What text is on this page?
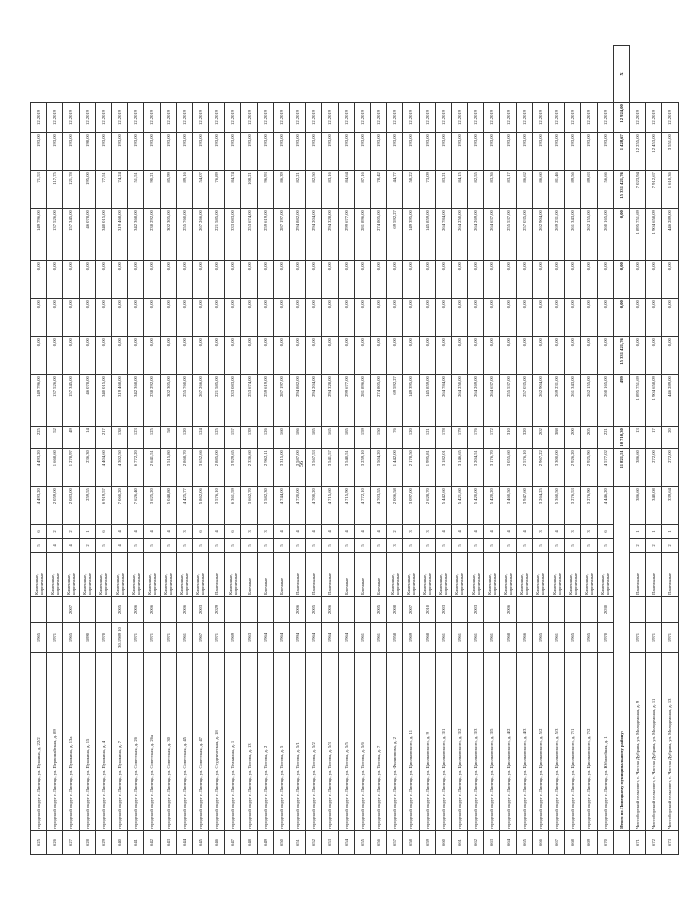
625	городской округ г. Липецк, ул. Пушина, д. 22/2	1965		Каменные, кирпичные	5	6	4 493,20	4 493,20	225	149 796,00	0,00	0,00	0,00	149 796,00	71,53	193,00	12.2019	
626	городской округ г. Липецк, ул. Первомайская, д. 89	1971		Каменные, кирпичные	4	2	2 059,00	1 668,60	52	137 526,00	0,00	0,00	0,00	137 526,00	117,75	193,00	12.2019	
627	городской округ г. Липецк, ул. Пушкина, д. 13а	1965	2007	Каменные, кирпичные	4	2	2 083,00	1 278,97	49	157 345,00	0,00	0,00	0,00	157 345,00	121,78	193,00	12.2019	
628	городской округ г. Липецк, ул. Пушкина, д. 15	1890		Каменные, кирпичные	2	1	259,55	236,30	14	46 078,00	0,00	0,00	0,00	46 078,00	195,00	198,00	12.2019	
629	городской округ г. Липецк, ул. Пушкина, д. 4	1970		Каменные, кирпичные	5	6	6 919,57	4 404,60	217	340 015,00	0,00	0,00	0,00	340 015,00	77,51	193,00	12.2019	
640	городской округ г. Липецк, ул. Пушкина, д. 7	30.1989 10	2005	Каменные, кирпичные	4	4	7 060,20	4 302,50	138	319 468,00	0,00	0,00	0,00	319 468,00	74,24	193,00	12.2019	
641	городской округ г. Липецк, ул. Советская, д. 26	1971	2006	Каменные, кирпичные	5	4	7 626,40	6 772,20	123	342 368,00	0,00	0,00	0,00	342 368,00	51,51	193,00	12.2019	
642	городской округ г. Липецк, ул. Советская, д. 26а	1971	2006	Каменные, кирпичные	5	4	3 625,20	2 641,51	125	238 292,00	0,00	0,00	0,00	238 292,00	90,21	193,00	12.2019	
643	городской округ г. Липецк, ул. Советская, д. 30	1971		Каменные, кирпичные	5	4	5 048,80	3 515,80	58	302 305,00	0,00	0,00	0,00	302 305,00	85,99	193,00	12.2019	
644	городской округ г. Липецк, ул. Советская, д. 45	1961	2006	Каменные, кирпичные	5	3	4 425,77	2 868,70	120	255 760,00	0,00	0,00	0,00	255 760,00	89,16	193,00	12.2019	
645	городской округ г. Липецк, ул. Советская, д. 47	1967	2003	Каменные, кирпичные	5	6	5 862,06	3 652,66	124	267 266,00	0,00	0,00	0,00	267 266,00	54,07	193,00	12.2019	
646	городской округ г. Липецк, ул. Студенческая, д. 18	1971	2029	Панельные	5	4	3 576,10	2 885,00	125	221 585,00	0,00	0,00	0,00	221 585,00	76,89	193,00	12.2019	
647	городской округ г. Липецк, ул. Тельмана, д. 1	1969		Каменные, кирпичные	5	6	6 361,59	3 929,65	157	333 083,00	0,00	0,00	0,00	333 083,00	84,74	193,00	12.2019	
648	городской округ г. Липецк, ул. Титова, д. 13	1963		Блочные	5	3	3 662,70	2 336,60	139	253 674,00	0,00	0,00	0,00	253 674,00	108,21	193,00	12.2019	
649	городской округ г. Липецк, ул. Титова, д. 2	1964		Блочные	5	3	3 582,30	2 962,11	126	259 619,00	0,00	0,00	0,00	259 619,00	96,93	193,00	12.2019	
650	городской округ г. Липецк, ул. Титова, д. 5	1964		Блочные	5	4	4 744,00	3 315,00	160	287 197,00	0,00	0,00	0,00	287 197,00	86,39	193,00	12.2019	
651	городской округ г. Липецк, ул. Титова, д. 5/1	1994	2006	Панельные	5	4	4 720,00	3 587,00	186	294 882,00	0,00	0,00	0,00	294 882,00	82,21	193,00	12.2019	
652	городской округ г. Липецк, ул. Титова, д. 5/2	1964	2005	Панельные	5	4	4 700,20	3 567,53	185	294 204,00	0,00	0,00	0,00	294 204,00	82,50	193,00	12.2019	
653	городской округ г. Липецк, ул. Титова, д. 5/3	1964	2006	Панельные	5	4	4 715,60	3 541,57	165	294 328,00	0,00	0,00	0,00	294 328,00	83,16	193,00	12.2019	
654	городской округ г. Липецк, ул. Титова, д. 5/5	1964		Блочные	5	4	4 715,90	3 540,51	185	299 677,00	0,00	0,00	0,00	299 677,00	84,64	193,00	12.2019	
655	городской округ г. Липецк, ул. Титова, д. 5/6	1961		Блочные	5	4	4 772,10	3 259,10	159	281 896,00	0,00	0,00	0,00	281 896,00	87,16	193,00	12.2019	
656	городской округ г. Липецк, ул. Титова, д. 7	1961	2005	Блочные	5	4	4 703,55	3 504,20	150	274 805,00	0,00	0,00	0,00	274 805,00	78,42	193,00	12.2019	
657	городской округ г. Липецк, ул. Филиппова, д. 2	1958	2008	Каменные, кирпичные	3	2	2 006,58	1 442,00	76	69 592,27	0,00	0,00	0,00	69 592,27	44,77	193,00	12.2019	
658	городской округ г. Липецк, ул. Циолковского, д. 11	1969	2007	Каменные, кирпичные	5	3	3 097,00	2 178,50	120	149 395,00	0,00	0,00	0,00	149 395,00	58,22	193,00	12.2019	
659	городской округ г. Липецк, ул. Циолковского, д. 9	1968	2010	Каменные, кирпичные	5	3	2 628,70	1 995,81	121	145 859,00	0,00	0,00	0,00	145 859,00	73,09	193,00	12.2019	
660	городской округ г. Липецк, ул. Циолковского, д. 3/1	1961	2003	Каменные, кирпичные	5	4	5 442,60	3 182,01	178	264 784,00	0,00	0,00	0,00	264 784,00	83,21	193,00	12.2019	
661	городской округ г. Липецк, ул. Циолковского, д. 3/2	1961		Каменные, кирпичные	5	4	5 421,60	3 146,65	179	264 250,00	0,00	0,00	0,00	264 250,00	84,15	193,00	12.2019	
662	городской округ г. Липецк, ул. Циолковского, д. 3/3	1961	2003	Каменные, кирпичные	5	4	5 420,00	3 204,51	176	264 269,00	0,00	0,00	0,00	264 269,00	82,55	193,00	12.2019	
663	городской округ г. Липецк, ул. Циолковского, д. 3/5	1961		Каменные, кирпичные	5	4	5 420,20	3 176,70	172	264 637,00	0,00	0,00	0,00	264 637,00	83,36	193,00	12.2019	
664	городской округ г. Липецк, ул. Циолковского, д. 4/2	1968	2006	Каменные, кирпичные	5	4	3 460,50	3 055,60	310	255 537,00	0,00	0,00	0,00	255 537,00	83,17	193,00	12.2019	
665	городской округ г. Липецк, ул. Циолковского, д. 4/3	1966		Каменные, кирпичные	5	4	3 947,60	2 576,10	320	257 035,00	0,00	0,00	0,00	257 035,00	86,62	193,00	12.2019	
666	городской округ г. Липецк, ул. Циолковского, д. 5/2	1965		Каменные, кирпичные	5	3	3 264,25	2 967,22	202	262 904,00	0,00	0,00	0,00	262 904,00	86,60	193,00	12.2019	
667	городской округ г. Липецк, ул. Циолковского, д. 5/3	1961		Каменные, кирпичные	5	4	5 360,50	3 300,00	388	269 231,00	0,00	0,00	0,00	269 231,00	81,46	193,00	12.2019	
668	городской округ г. Липецк, ул. Циолковского, д. 7/1	1965		Каменные, кирпичные	5	3	3 276,53	2 926,20	200	261 343,00	0,00	0,00	0,00	261 343,00	89,56	193,00	12.2019	
669	городской округ г. Липецк, ул. Циолковского, д. 7/2	1965		Каменные, кирпичные	5	3	3 276,90	2 925,90	205	262 155,00	0,00	0,00	0,00	262 155,00	89,63	193,00	12.2019	
670	городской округ г. Липецк, ул. Юбилейная, д. 1	1970	2030	Каменные, кирпичные	5	6	4 446,20	4 577,02	221	260 165,00	0,00	0,00	0,00	260 165,00	56,66	193,00	12.2019	
	Итого по Липецкому муниципальному району:							11 821,51	10 710,30	499	15 331 421,76	0,00	0,00	0,00	15 331 421,76	1 428,67	12 924,00	X
671	Чистоборский сельсовет, с. Частая Дубрава, ул. Молодежная, д. 9	1971		Панельные	2	1	386,60	386,60	13	1 895 751,69	0,00	0,00	0,00	1 895 751,69	7 023,94	12 255,00	12.2019	
672	Чистоборский сельсовет, с. Частая Дубрава, ул. Молодежная, д. 11	1971		Панельные	2	1	340,08	272,00	17	1 904 658,09	0,00	0,00	0,00	1 904 658,09	7 912,67	12 453,00	12.2019	
673	Чистоборский сельсовет, с. Частая Дубрава, ул. Молодежная, д. 13	1971		Панельные	2	1	339,64	272,00	20	446 289,00	0,00	0,00	0,00	446 289,00	1 610,36	3 551,00	12.2019	
56
